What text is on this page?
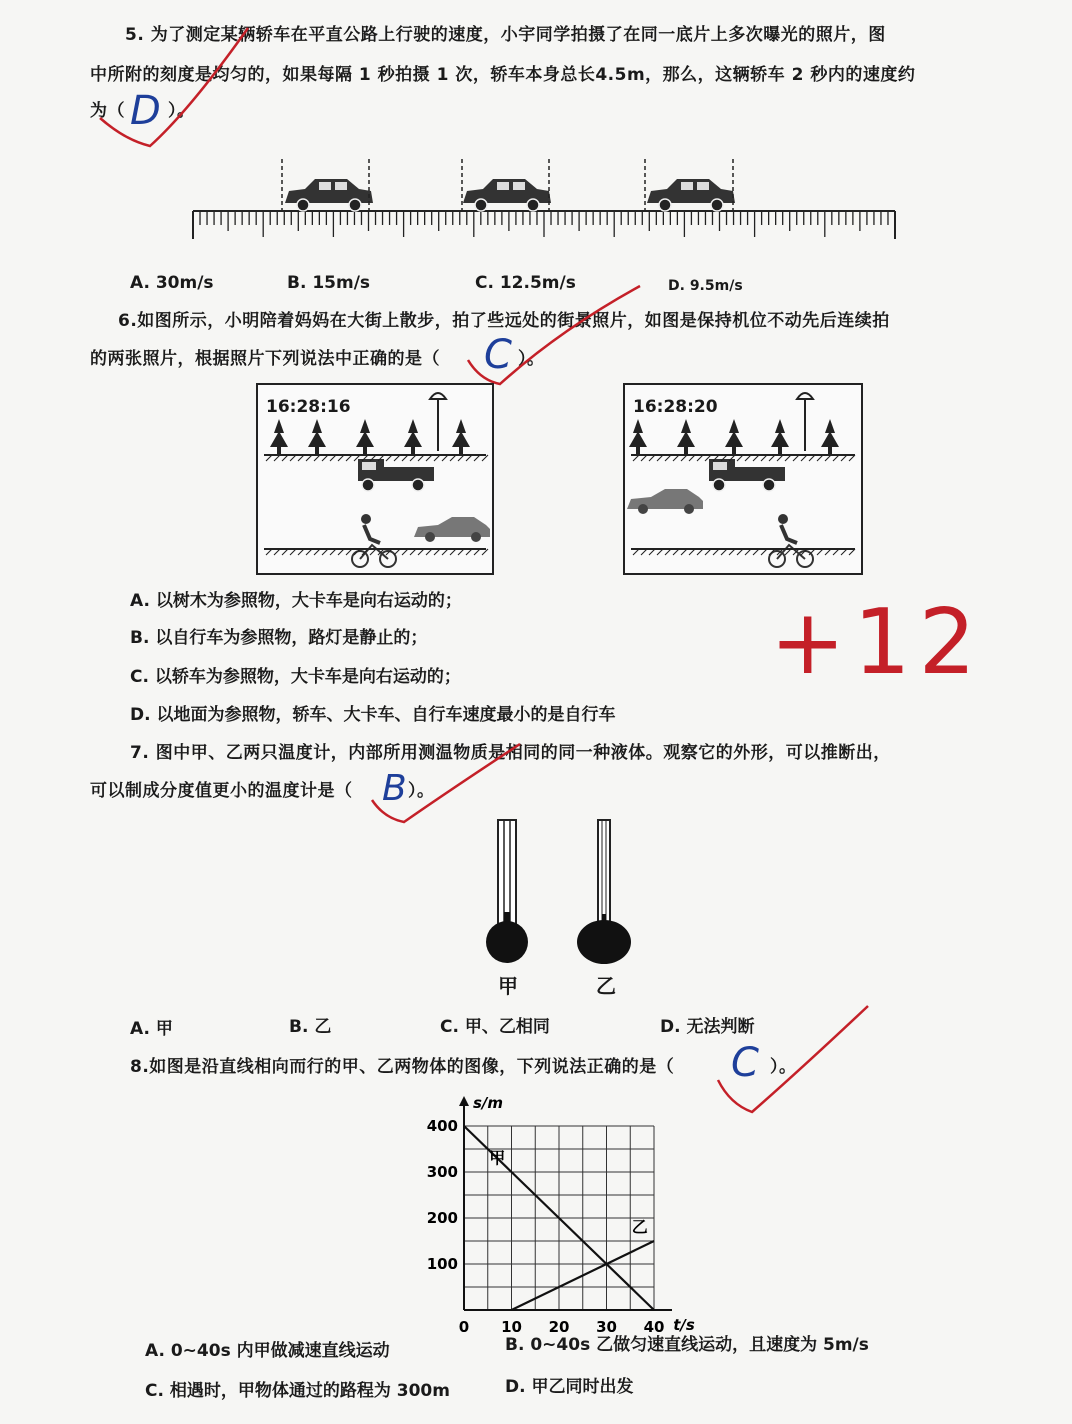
5. 为了测定某辆轿车在平直公路上行驶的速度，小宇同学拍摄了在同一底片上多次曝光的照片，图
中所附的刻度是均匀的，如果每隔 1 秒拍摄 1 次，轿车本身总长4.5m，那么，这辆轿车 2 秒内的速度约
为（ D ）。
A. 30m/s	B. 15m/s	C. 12.5m/s	D. 9.5m/s
6.如图所示，小明陪着妈妈在大街上散步，拍了些远处的街景照片，如图是保持机位不动先后连续拍
的两张照片，根据照片下列说法中正确的是（ C ）。
16:28:16	16:28:20
A. 以树木为参照物，大卡车是向右运动的；
B. 以自行车为参照物，路灯是静止的；
C. 以轿车为参照物，大卡车是向右运动的；
D. 以地面为参照物，轿车、大卡车、自行车速度最小的是自行车
+12
7. 图中甲、乙两只温度计，内部所用测温物质是相同的同一种液体。观察它的外形，可以推断出，
可以制成分度值更小的温度计是（ B ）。
甲	乙
A. 甲	B. 乙	C. 甲、乙相同	D. 无法判断
8.如图是沿直线相向而行的甲、乙两物体的图像，下列说法正确的是（ C ）。
0 10 20 30 40
100
200
300
400
t/s
s/m
甲
乙
A. 0~40s 内甲做减速直线运动	B. 0~40s 乙做匀速直线运动，且速度为 5m/s
C. 相遇时，甲物体通过的路程为 300m	D. 甲乙同时出发
